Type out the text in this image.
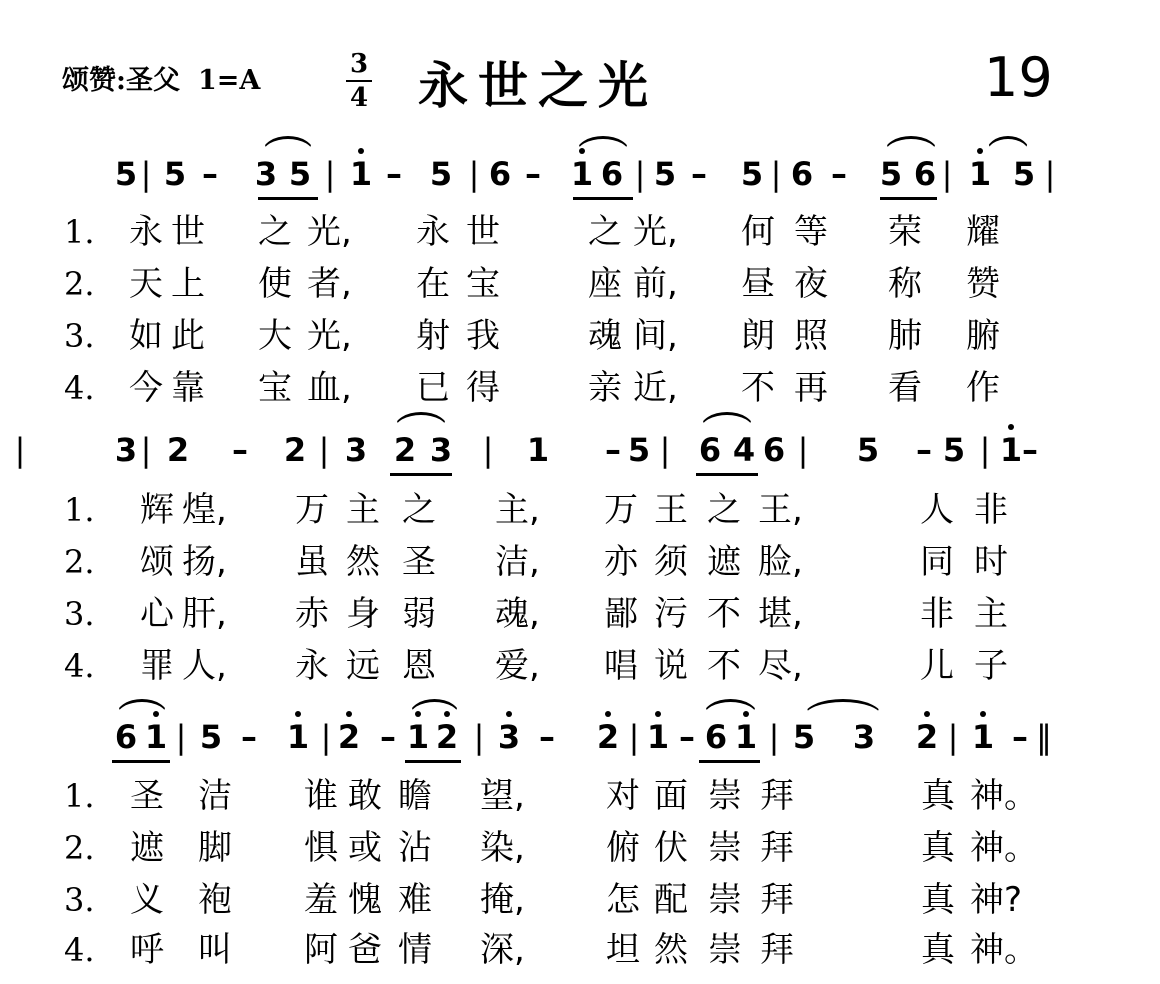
颂赞:圣父 1=A
3
4 永世之光	19
5 | 5 –	3 5 | 1 – 5 | 6 – 1 6 | 5 –	5 | 6 –	5 6 | 1 5 |
1. 永 世 之 光, 永 世	之 光, 何 等 荣 耀
2. 天 上 使 者, 在 宝	座 前, 昼 夜 称 赞
3. 如 此 大 光, 射 我	魂 间, 朗 照 肺 腑
4. 今 靠 宝 血, 已 得	亲 近, 不 再 看 作
3 | 2	–	2 | 3 2 3 |	1	– 5 | 6 4 6 |	5	– 5 | 1 –
|
1. 辉 煌, 万 主 之 主, 万 王 之 王,	人 非
2. 颂 扬, 虽 然 圣 洁, 亦 须 遮 脸,	同 时
3. 心 肝, 赤 身 弱 魂, 鄙 污 不 堪,	非 主
4. 罪 人, 永 远 恩 爱, 唱 说 不 尽,	儿 子
6 1 | 5 – 1 | 2 – 1 2 | 3 –	2 | 1 – 6 1 | 5 3 2 | 1 – ‖
1. 圣 洁 谁 敢 瞻 望, 对 面 崇 拜	真 神。
2. 遮 脚 惧 或 沾 染, 俯 伏 崇 拜	真 神。
3. 义 袍 羞 愧 难 掩, 怎 配 崇 拜	真 神?
4. 呼 叫 阿 爸 情 深, 坦 然 崇 拜	真 神。
